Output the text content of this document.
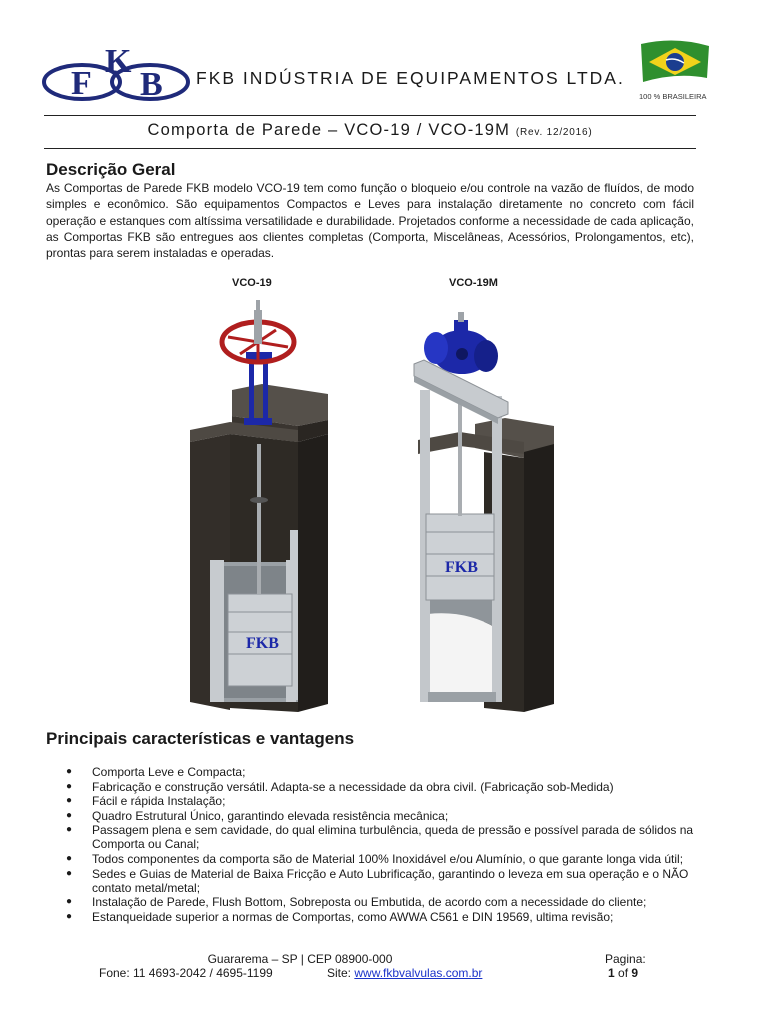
F
K
B FKB INDÚSTRIA DE EQUIPAMENTOS LTDA.
100 % BRASILEIRA
Comporta de Parede – VCO-19 / VCO-19M (Rev. 12/2016)
Descrição Geral
As Comportas de Parede FKB modelo VCO-19 tem como função o bloqueio e/ou controle na vazão de fluídos, de modo simples e econômico. São equipamentos Compactos e Leves para instalação diretamente no concreto com fácil operação e estanques com altíssima versatilidade e durabilidade. Projetados conforme a necessidade de cada aplicação, as Comportas FKB são entregues aos clientes completas (Comporta, Miscelâneas, Acessórios, Prolongamentos, etc), prontas para serem instaladas e operadas.
VCO-19	VCO-19M
FKB
FKB
Principais características e vantagens
● Comporta Leve e Compacta;
● Fabricação e construção versátil. Adapta-se a necessidade da obra civil. (Fabricação sob-Medida)
● Fácil e rápida Instalação;
● Quadro Estrutural Único, garantindo elevada resistência mecânica;
● Passagem plena e sem cavidade, do qual elimina turbulência, queda de pressão e possível parada de sólidos na Comporta ou Canal;
● Todos componentes da comporta são de Material 100% Inoxidável e/ou Alumínio, o que garante longa vida útil;
● Sedes e Guias de Material de Baixa Fricção e Auto Lubrificação, garantindo o leveza em sua operação e o NÃO contato metal/metal;
● Instalação de Parede, Flush Bottom, Sobreposta ou Embutida, de acordo com a necessidade do cliente;
● Estanqueidade superior a normas de Comportas, como AWWA C561 e DIN 19569, ultima revisão;
Guararema – SP | CEP 08900-000
Fone: 11 4693-2042 / 4695-1199	Site: www.fkbvalvulas.com.br
Pagina:
1 of 9
